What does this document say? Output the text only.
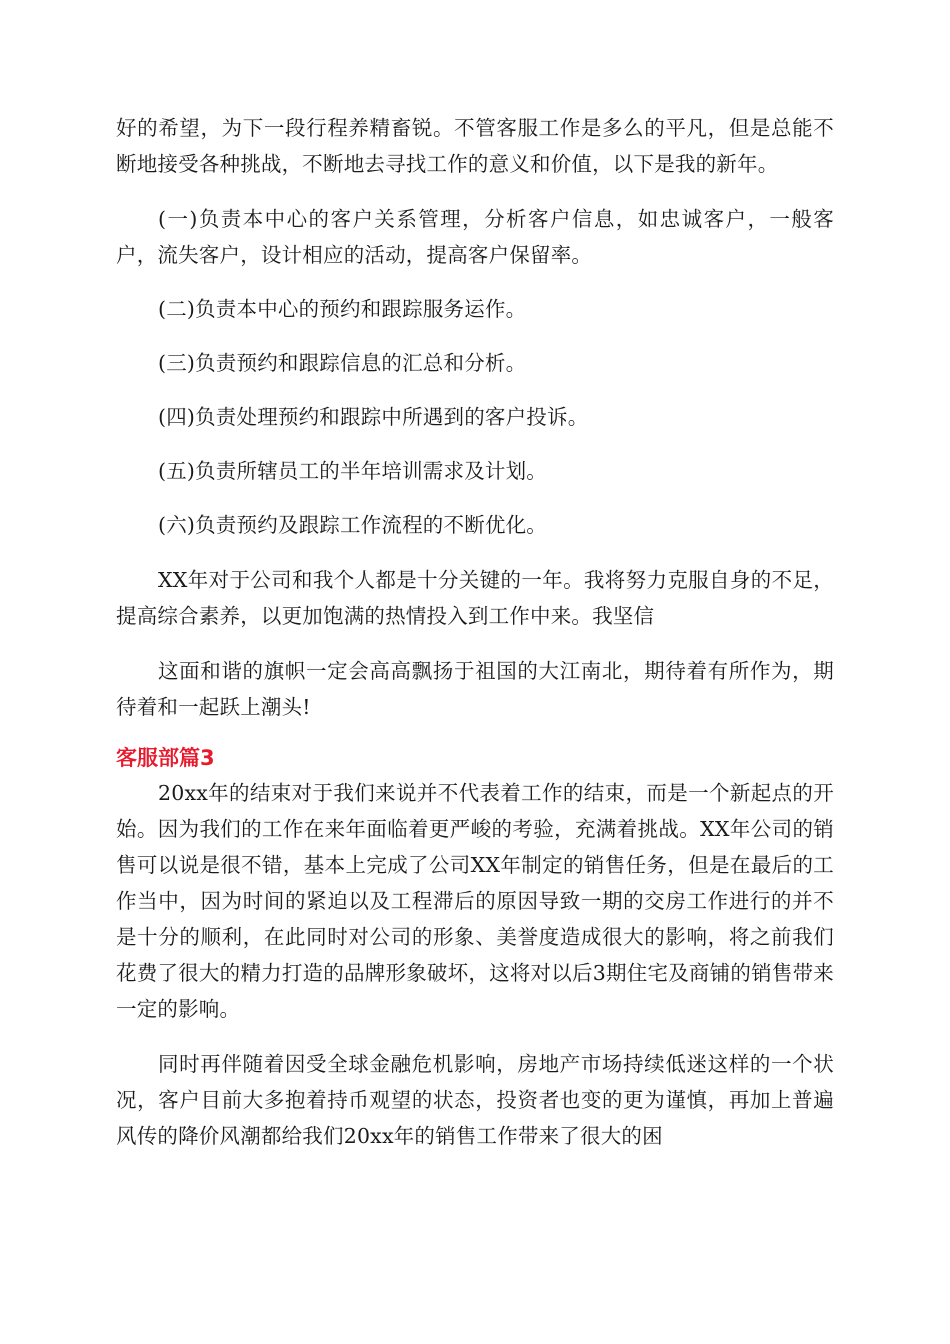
好的希望，为下一段行程养精畜锐。不管客服工作是多么的平凡，但是总能不断地接受各种挑战，不断地去寻找工作的意义和价值，以下是我的新年。

(一)负责本中心的客户关系管理，分析客户信息，如忠诚客户，一般客户，流失客户，设计相应的活动，提高客户保留率。

(二)负责本中心的预约和跟踪服务运作。

(三)负责预约和跟踪信息的汇总和分析。

(四)负责处理预约和跟踪中所遇到的客户投诉。

(五)负责所辖员工的半年培训需求及计划。

(六)负责预约及跟踪工作流程的不断优化。

XX年对于公司和我个人都是十分关键的一年。我将努力克服自身的不足，提高综合素养，以更加饱满的热情投入到工作中来。我坚信

这面和谐的旗帜一定会高高飘扬于祖国的大江南北，期待着有所作为，期待着和一起跃上潮头!

客服部篇3

20xx年的结束对于我们来说并不代表着工作的结束，而是一个新起点的开始。因为我们的工作在来年面临着更严峻的考验，充满着挑战。XX年公司的销售可以说是很不错，基本上完成了公司XX年制定的销售任务，但是在最后的工作当中，因为时间的紧迫以及工程滞后的原因导致一期的交房工作进行的并不是十分的顺利，在此同时对公司的形象、美誉度造成很大的影响，将之前我们花费了很大的精力打造的品牌形象破坏，这将对以后3期住宅及商铺的销售带来一定的影响。

同时再伴随着因受全球金融危机影响，房地产市场持续低迷这样的一个状况，客户目前大多抱着持币观望的状态，投资者也变的更为谨慎，再加上普遍风传的降价风潮都给我们20xx年的销售工作带来了很大的困
